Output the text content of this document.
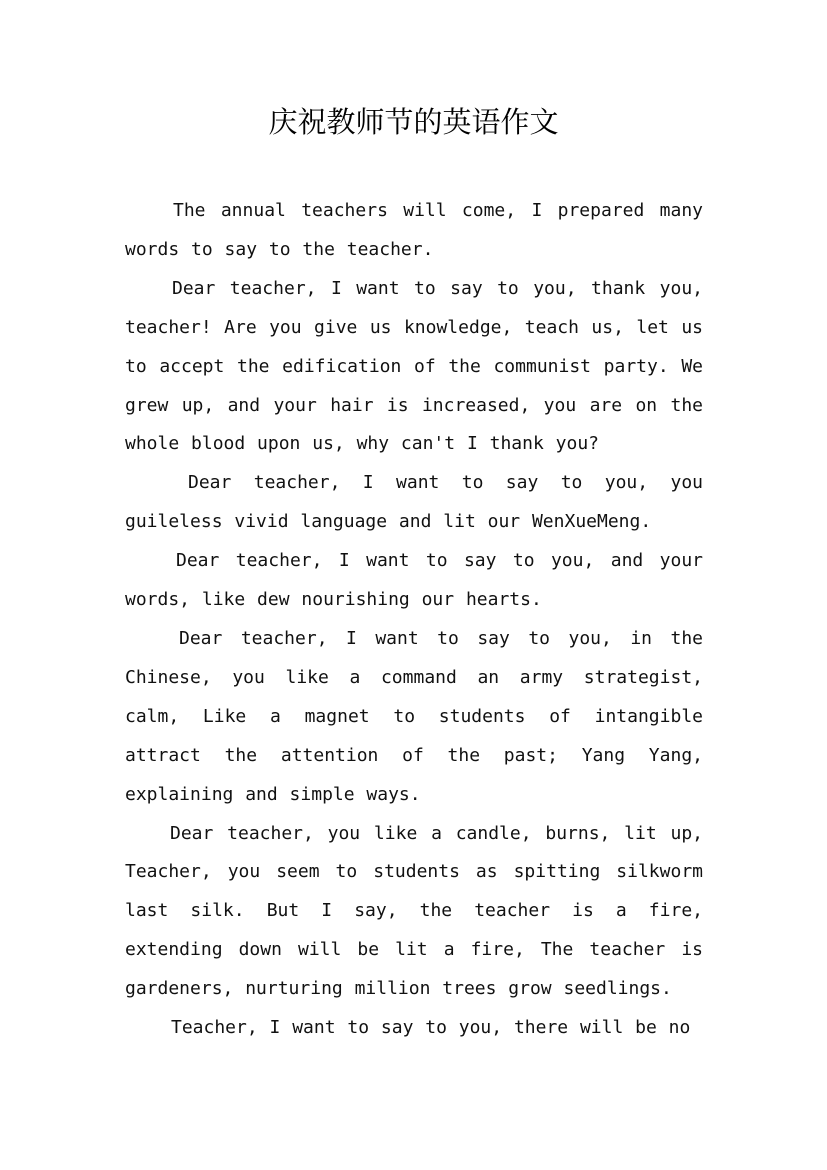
庆祝教师节的英语作文

The annual teachers will come, I prepared many words to say to the teacher.

Dear teacher, I want to say to you, thank you, teacher! Are you give us knowledge, teach us, let us to accept the edification of the communist party. We grew up, and your hair is increased, you are on the whole blood upon us, why can't I thank you?

Dear teacher, I want to say to you, you guileless vivid language and lit our WenXueMeng.

Dear teacher, I want to say to you, and your words, like dew nourishing our hearts.

Dear teacher, I want to say to you, in the Chinese, you like a command an army strategist, calm, Like a magnet to students of intangible attract the attention of the past; Yang Yang, explaining and simple ways.

Dear teacher, you like a candle, burns, lit up, Teacher, you seem to students as spitting silkworm last silk. But I say, the teacher is a fire, extending down will be lit a fire, The teacher is gardeners, nurturing million trees grow seedlings.

Teacher, I want to say to you, there will be no
